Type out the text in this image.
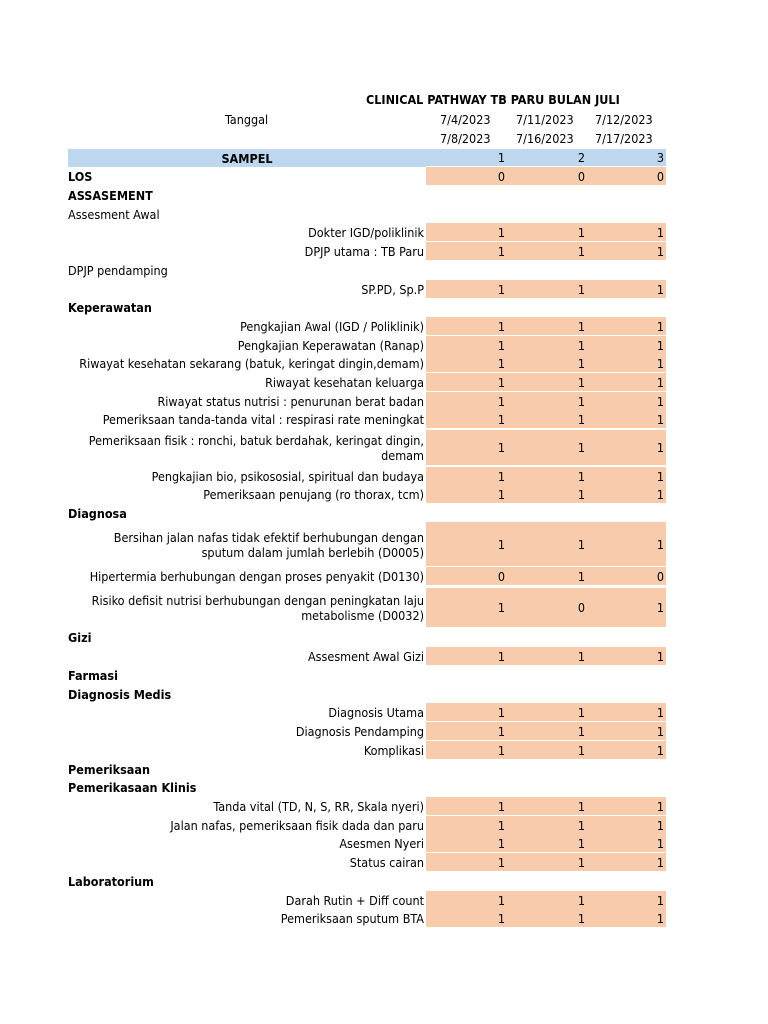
CLINICAL PATHWAY TB PARU BULAN JULI
Tanggal	7/4/2023 7/11/2023 7/12/2023
7/8/2023 7/16/2023 7/17/2023
SAMPEL	1	2	3
LOS	0	0	0
ASSASEMENT
Assesment Awal
Dokter IGD/poliklinik	1	1	1
DPJP utama : TB Paru	1	1	1
DPJP pendamping
SP.PD, Sp.P	1	1	1
Keperawatan
Pengkajian Awal (IGD / Poliklinik)	1	1	1
Pengkajian Keperawatan (Ranap)	1	1	1
Riwayat kesehatan sekarang (batuk, keringat dingin,demam)	1	1	1
Riwayat kesehatan keluarga	1	1	1
Riwayat status nutrisi : penurunan berat badan	1	1	1
Pemeriksaan tanda-tanda vital : respirasi rate meningkat	1	1	1
Pemeriksaan fisik : ronchi, batuk berdahak, keringat dingin, demam
1	1	1
Pengkajian bio, psikososial, spiritual dan budaya	1	1	1
Pemeriksaan penujang (ro thorax, tcm)	1	1	1
Diagnosa
Bersihan jalan nafas tidak efektif berhubungan dengan sputum dalam jumlah berlebih (D0005)
1	1	1
Hipertermia berhubungan dengan proses penyakit (D0130)	0	1	0
Risiko defisit nutrisi berhubungan dengan peningkatan laju metabolisme (D0032)
1	0	1
Gizi
Assesment Awal Gizi	1	1	1
Farmasi
Diagnosis Medis
Diagnosis Utama	1	1	1
Diagnosis Pendamping	1	1	1
Komplikasi	1	1	1
Pemeriksaan
Pemerikasaan Klinis
Tanda vital (TD, N, S, RR, Skala nyeri)	1	1	1
Jalan nafas, pemeriksaan fisik dada dan paru	1	1	1
Asesmen Nyeri	1	1	1
Status cairan	1	1	1
Laboratorium
Darah Rutin + Diff count	1	1	1
Pemeriksaan sputum BTA	1	1	1
